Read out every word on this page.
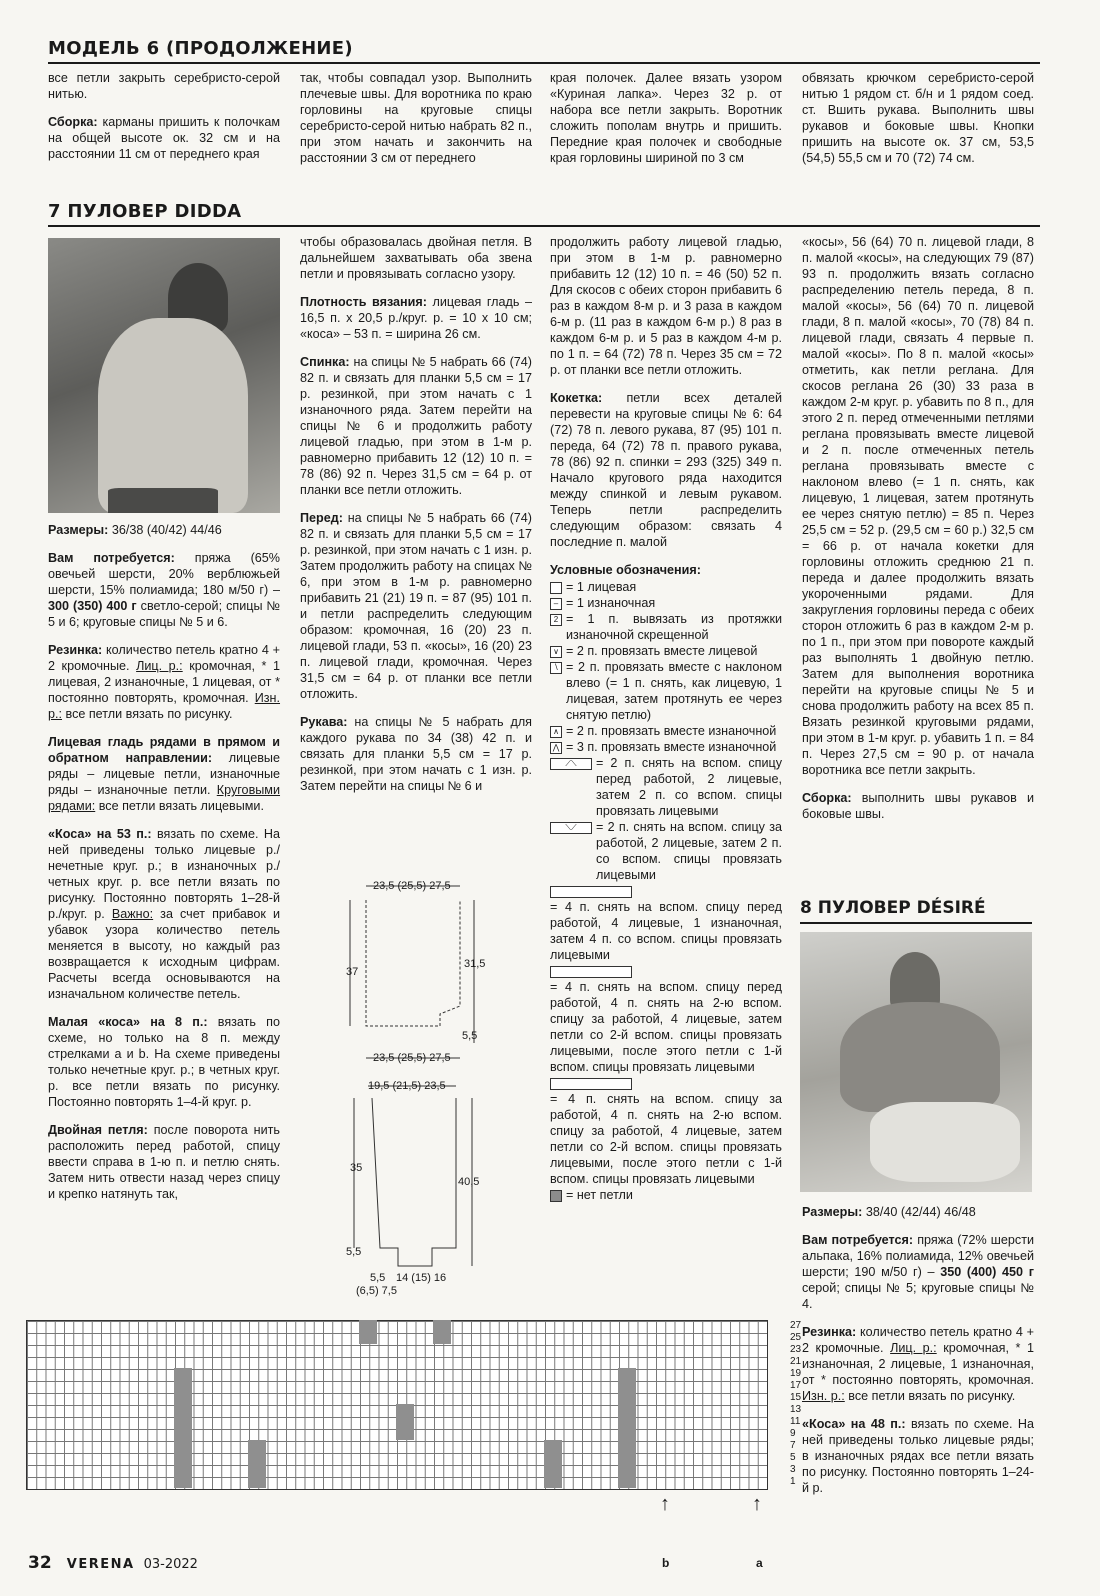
МОДЕЛЬ 6 (ПРОДОЛЖЕНИЕ)

все петли закрыть серебристо-серой нитью.

Сборка: карманы пришить к полочкам на общей высоте ок. 32 см и на расстоянии 11 см от переднего края

так, чтобы совпадал узор. Выполнить плечевые швы. Для воротника по краю горловины на круговые спицы серебристо-серой нитью набрать 82 п., при этом начать и закончить на расстоянии 3 см от переднего

края полочек. Далее вязать узором «Куриная лапка». Через 32 р. от набора все петли закрыть. Воротник сложить пополам внутрь и пришить. Передние края полочек и свободные края горловины шириной по 3 см

обвязать крючком серебристо-серой нитью 1 рядом ст. б/н и 1 рядом соед. ст. Вшить рукава. Выполнить швы рукавов и боковые швы. Кнопки пришить на высоте ок. 37 см, 53,5 (54,5) 55,5 см и 70 (72) 74 см.

7 ПУЛОВЕР DIDDA

Размеры: 36/38 (40/42) 44/46

Вам потребуется: пряжа (65% овечьей шерсти, 20% верблюжьей шерсти, 15% полиамида; 180 м/50 г) – 300 (350) 400 г светло-серой; спицы № 5 и 6; круговые спицы № 5 и 6.

Резинка: количество петель кратно 4 + 2 кромочные. Лиц. р.: кромочная, * 1 лицевая, 2 изнаночные, 1 лицевая, от * постоянно повторять, кромочная. Изн. р.: все петли вязать по рисунку.

Лицевая гладь рядами в прямом и обратном направлении: лицевые ряды – лицевые петли, изнаночные ряды – изнаночные петли. Круговыми рядами: все петли вязать лицевыми.

«Коса» на 53 п.: вязать по схеме. На ней приведены только лицевые р./нечетные круг. р.; в изнаночных р./четных круг. р. все петли вязать по рисунку. Постоянно повторять 1–28-й р./круг. р. Важно: за счет прибавок и убавок узора количество петель меняется в высоту, но каждый раз возвращается к исходным цифрам. Расчеты всегда основываются на изначальном количестве петель.

Малая «коса» на 8 п.: вязать по схеме, но только на 8 п. между стрелками a и b. На схеме приведены только нечетные круг. р.; в четных круг. р. все петли вязать по рисунку. Постоянно повторять 1–4-й круг. р.

Двойная петля: после поворота нить расположить перед работой, спицу ввести справа в 1-ю п. и петлю снять. Затем нить отвести назад через спицу и крепко натянуть так,

чтобы образовалась двойная петля. В дальнейшем захватывать оба звена петли и провязывать согласно узору.

Плотность вязания: лицевая гладь – 16,5 п. х 20,5 р./круг. р. = 10 х 10 см; «коса» – 53 п. = ширина 26 см.

Спинка: на спицы № 5 набрать 66 (74) 82 п. и связать для планки 5,5 см = 17 р. резинкой, при этом начать с 1 изнаночного ряда. Затем перейти на спицы № 6 и продолжить работу лицевой гладью, при этом в 1-м р. равномерно прибавить 12 (12) 10 п. = 78 (86) 92 п. Через 31,5 см = 64 р. от планки все петли отложить.

Перед: на спицы № 5 набрать 66 (74) 82 п. и связать для планки 5,5 см = 17 р. резинкой, при этом начать с 1 изн. р. Затем продолжить работу на спицах № 6, при этом в 1-м р. равномерно прибавить 21 (21) 19 п. = 87 (95) 101 п. и петли распределить следующим образом: кромочная, 16 (20) 23 п. лицевой глади, 53 п. «косы», 16 (20) 23 п. лицевой глади, кромочная. Через 31,5 см = 64 р. от планки все петли отложить.

Рукава: на спицы № 5 набрать для каждого рукава по 34 (38) 42 п. и связать для планки 5,5 см = 17 р. резинкой, при этом начать с 1 изн. р. Затем перейти на спицы № 6 и

23,5 (25,5) 27,5
37
31,5
5,5
23,5 (25,5) 27,5
19,5 (21,5) 23,5
35
40,5
5,5
5,5 14 (15) 16
(6,5) 7,5

продолжить работу лицевой гладью, при этом в 1-м р. равномерно прибавить 12 (12) 10 п. = 46 (50) 52 п. Для скосов с обеих сторон прибавить 6 раз в каждом 8-м р. и 3 раза в каждом 6-м р. (11 раз в каждом 6-м р.) 8 раз в каждом 6-м р. и 5 раз в каждом 4-м р. по 1 п. = 64 (72) 78 п. Через 35 см = 72 р. от планки все петли отложить.

Кокетка: петли всех деталей перевести на круговые спицы № 6: 64 (72) 78 п. левого рукава, 87 (95) 101 п. переда, 64 (72) 78 п. правого рукава, 78 (86) 92 п. спинки = 293 (325) 349 п. Начало кругового ряда находится между спинкой и левым рукавом. Теперь петли распределить следующим образом: связать 4 последние п. малой

Условные обозначения:
= 1 лицевая
– = 1 изнаночная
2 = 1 п. вывязать из протяжки изнаночной скрещенной
∨ = 2 п. провязать вместе лицевой
∖ = 2 п. провязать вместе с наклоном влево (= 1 п. снять, как лицевую, 1 лицевая, затем протянуть ее через снятую петлю)
∧ = 2 п. провязать вместе изнаночной
⋀ = 3 п. провязать вместе изнаночной
⟋⟍	= 2 п. снять на вспом. спицу перед работой, 2 лицевые, затем 2 п. со вспом. спицы провязать лицевыми
⟍⟋	= 2 п. снять на вспом. спицу за работой, 2 лицевые, затем 2 п. со вспом. спицы провязать лицевыми
= 4 п. снять на вспом. спицу перед работой, 4 лицевые, 1 изнаночная, затем 4 п. со вспом. спицы провязать лицевыми
= 4 п. снять на вспом. спицу перед работой, 4 п. снять на 2-ю вспом. спицу за работой, 4 лицевые, затем петли со 2-й вспом. спицы провязать лицевыми, после этого петли с 1-й вспом. спицы провязать лицевыми
= 4 п. снять на вспом. спицу за работой, 4 п. снять на 2-ю вспом. спицу за работой, 4 лицевые, затем петли со 2-й вспом. спицы провязать лицевыми, после этого петли с 1-й вспом. спицы провязать лицевыми
= нет петли

«косы», 56 (64) 70 п. лицевой глади, 8 п. малой «косы», на следующих 79 (87) 93 п. продолжить вязать согласно распределению петель переда, 8 п. малой «косы», 56 (64) 70 п. лицевой глади, 8 п. малой «косы», 70 (78) 84 п. лицевой глади, связать 4 первые п. малой «косы». По 8 п. малой «косы» отметить, как петли реглана. Для скосов реглана 26 (30) 33 раза в каждом 2-м круг. р. убавить по 8 п., для этого 2 п. перед отмеченными петлями реглана провязывать вместе лицевой и 2 п. после отмеченных петель реглана провязывать вместе с наклоном влево (= 1 п. снять, как лицевую, 1 лицевая, затем протянуть ее через снятую петлю) = 85 п. Через 25,5 см = 52 р. (29,5 см = 60 р.) 32,5 см = 66 р. от начала кокетки для горловины отложить среднюю 21 п. переда и далее продолжить вязать укороченными рядами. Для закругления горловины переда с обеих сторон отложить 6 раз в каждом 2-м р. по 1 п., при этом при повороте каждый раз выполнять 1 двойную петлю. Затем для выполнения воротника перейти на круговые спицы № 5 и снова продолжить работу на всех 85 п. Вязать резинкой круговыми рядами, при этом в 1-м круг. р. убавить 1 п. = 84 п. Через 27,5 см = 90 р. от начала воротника все петли закрыть.

Сборка: выполнить швы рукавов и боковые швы.

8 ПУЛОВЕР DÉSIRÉ

Размеры: 38/40 (42/44) 46/48

Вам потребуется: пряжа (72% шерсти альпака, 16% полиамида, 12% овечьей шерсти; 190 м/50 г) – 350 (400) 450 г серой; спицы № 5; круговые спицы № 4.

Резинка: количество петель кратно 4 + 2 кромочные. Лиц. р.: кромочная, * 1 изнаночная, 2 лицевые, 1 изнаночная, от * постоянно повторять, кромочная. Изн. р.: все петли вязать по рисунку.

«Коса» на 48 п.: вязать по схеме. На ней приведены только лицевые ряды; в изнаночных рядах все петли вязать по рисунку. Постоянно повторять 1–24-й р.

27
25
23
21
19
17
15
13
11
9
7
5
3
1
↑	↑
b	a
32 VERENA 03-2022
